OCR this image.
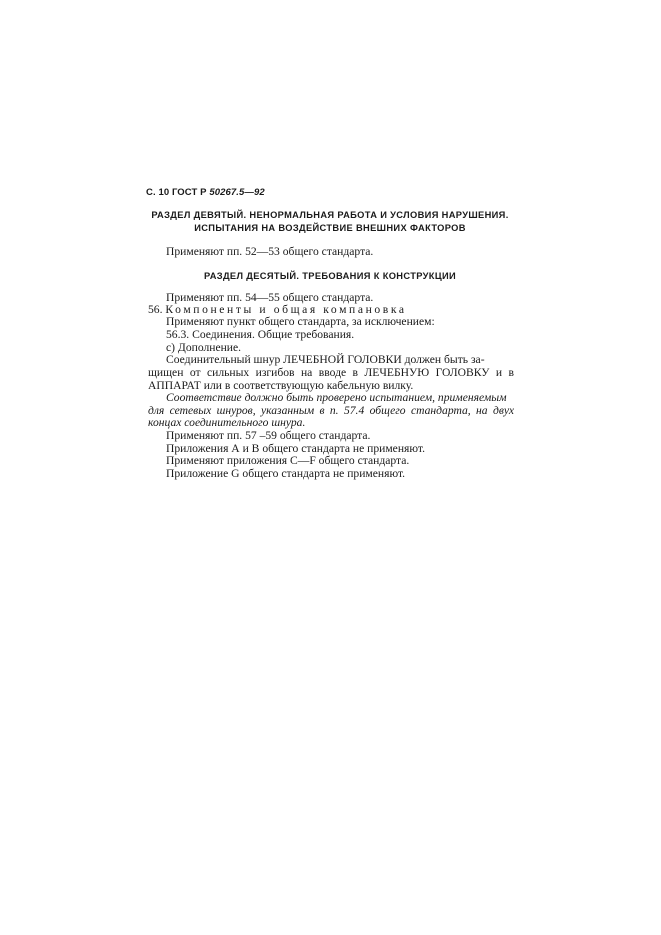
С. 10 ГОСТ Р 50267.5—92
РАЗДЕЛ ДЕВЯТЫЙ. НЕНОРМАЛЬНАЯ РАБОТА И УСЛОВИЯ НАРУШЕНИЯ.
ИСПЫТАНИЯ НА ВОЗДЕЙСТВИЕ ВНЕШНИХ ФАКТОРОВ
Применяют пп. 52—53 общего стандарта.
РАЗДЕЛ ДЕСЯТЫЙ. ТРЕБОВАНИЯ К КОНСТРУКЦИИ
Применяют пп. 54—55 общего стандарта.
56. Компоненты и общая компановка
Применяют пункт общего стандарта, за исключением:
56.3. Соединения. Общие требования.
с) Дополнение.
Соединительный шнур ЛЕЧЕБНОЙ ГОЛОВКИ должен быть за-
щищен от сильных изгибов на вводе в ЛЕЧЕБНУЮ ГОЛОВКУ и в
АППАРАТ или в соответствующую кабельную вилку.
Соответствие должно быть проверено испытанием, применяемым
для сетевых шнуров, указанным в п. 57.4 общего стандарта, на двух
концах соединительного шнура.
Применяют пп. 57 –59 общего стандарта.
Приложения А и В общего стандарта не применяют.
Применяют приложения С—F общего стандарта.
Приложение G общего стандарта не применяют.
